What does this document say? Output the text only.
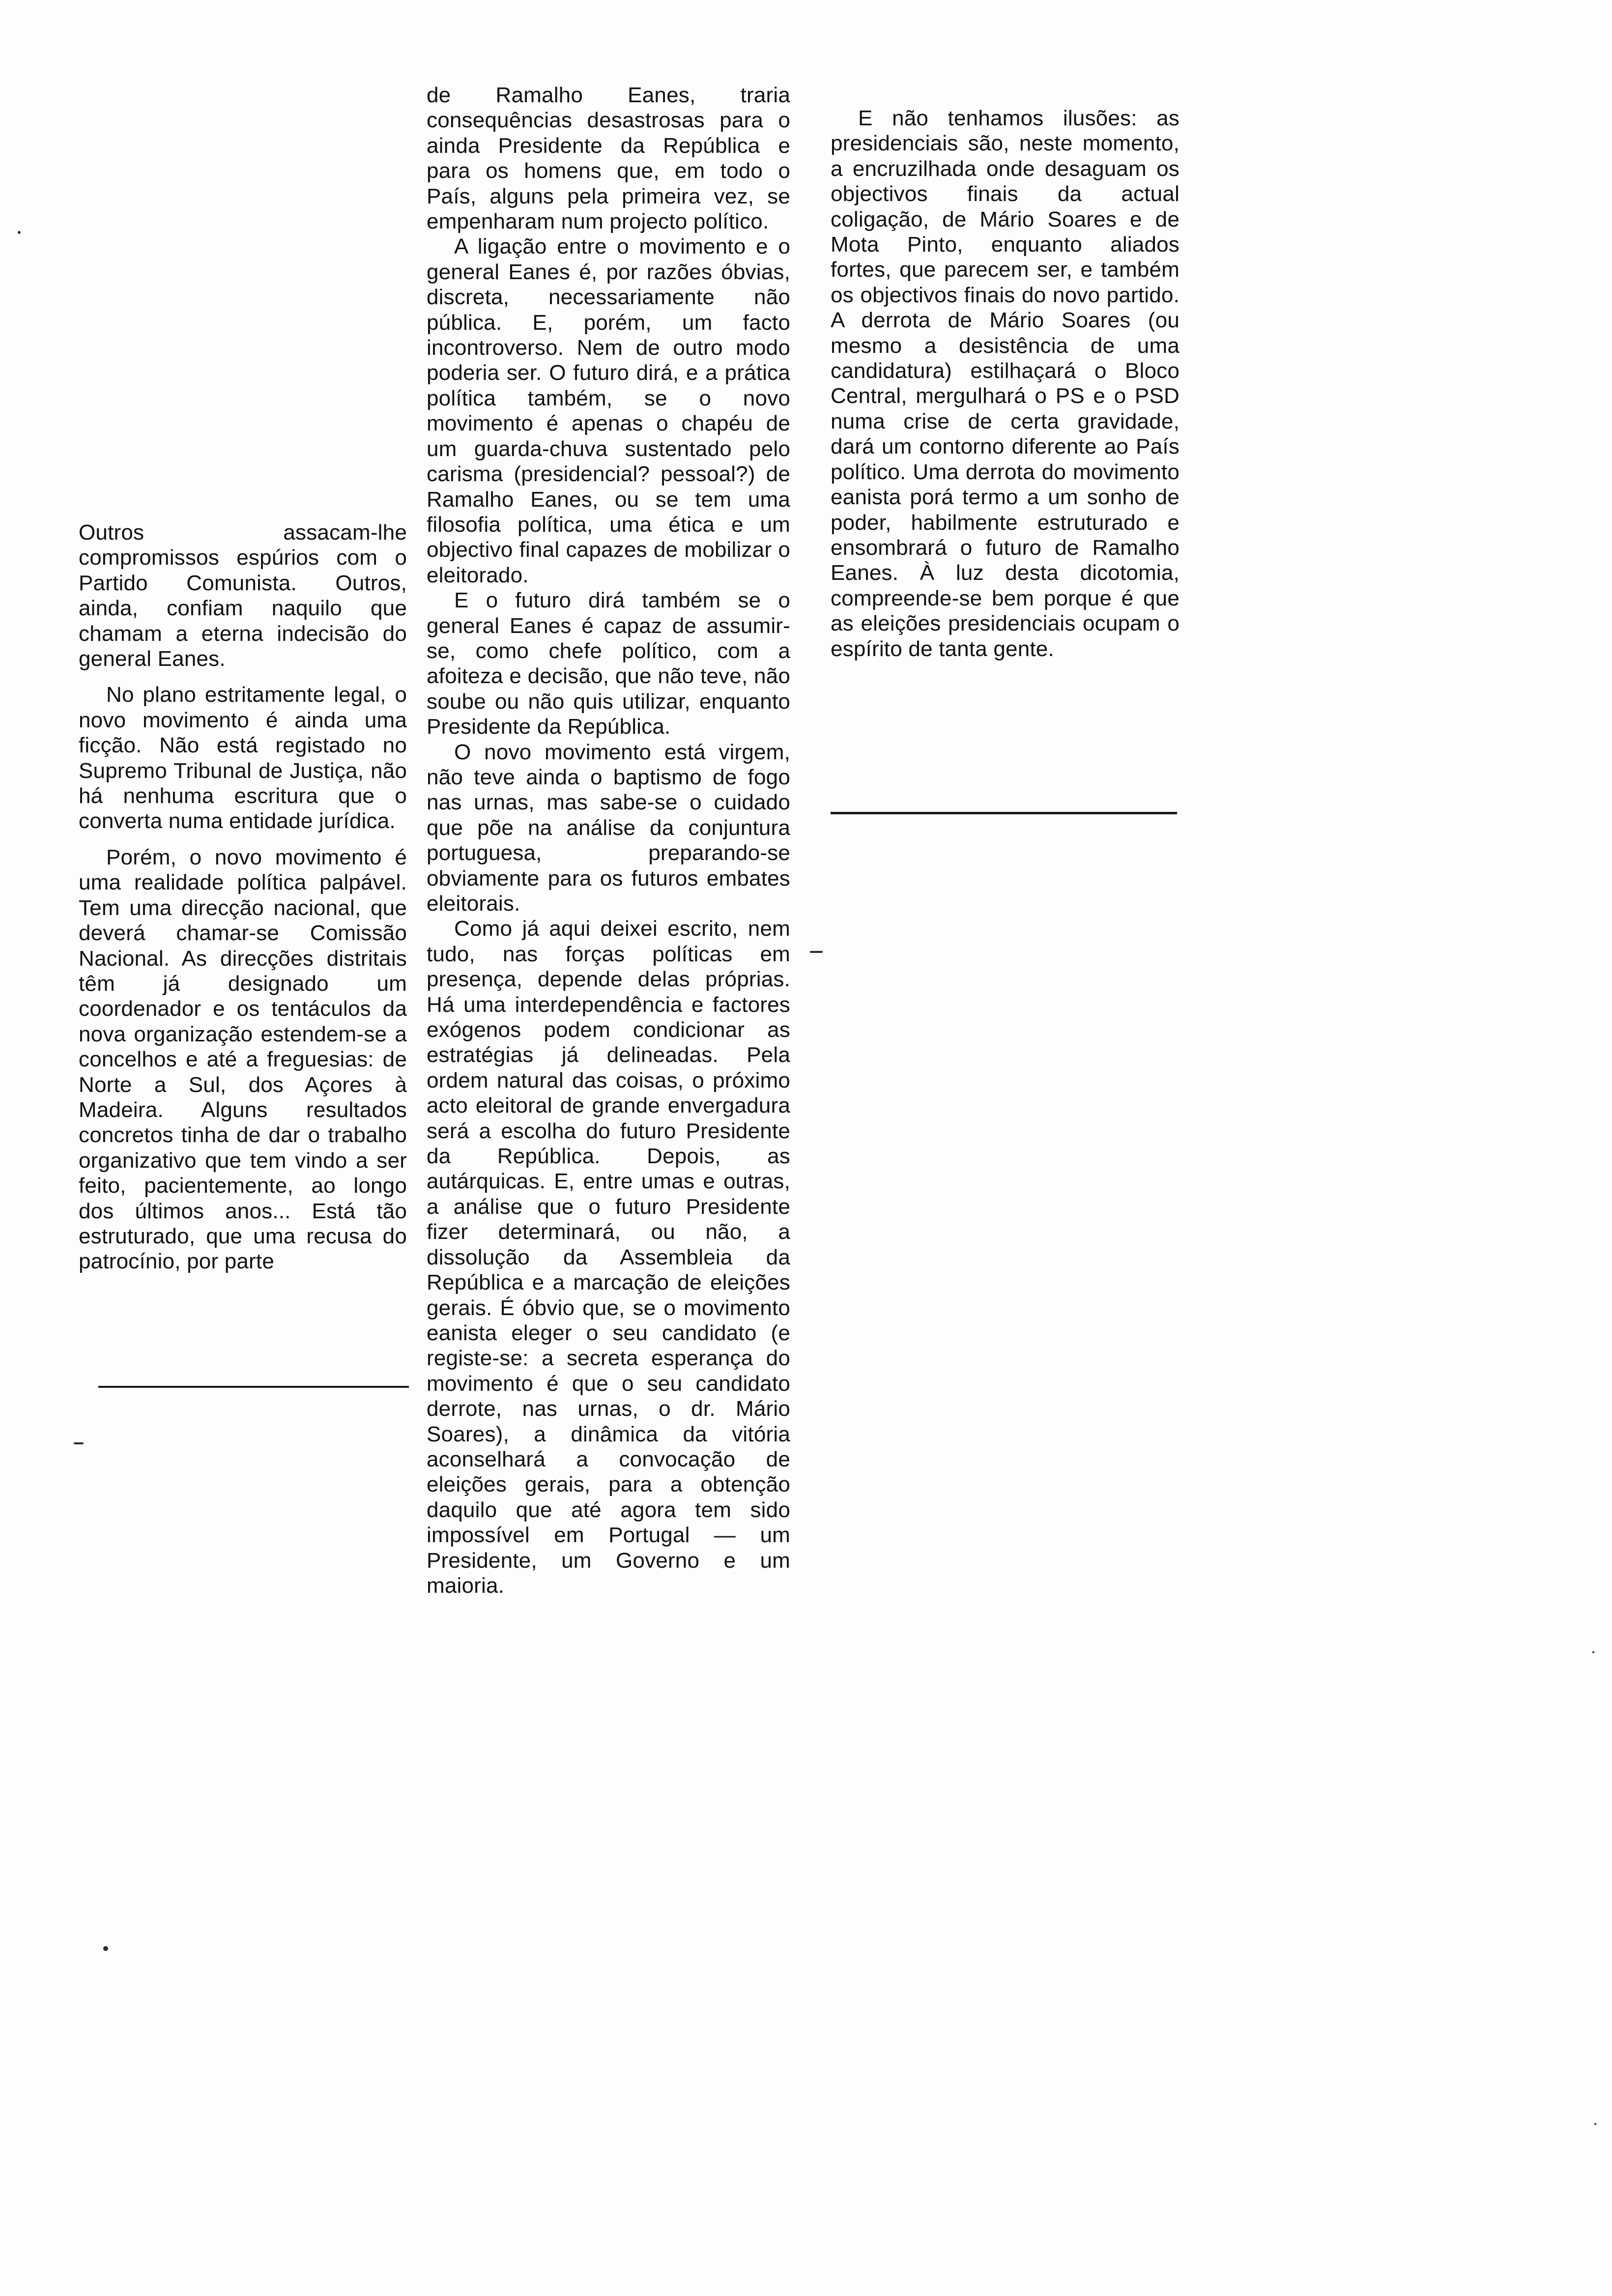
Outros assacam-lhe compromissos espúrios com o Partido Comunista. Outros, ainda, confiam naquilo que chamam a eterna indecisão do general Eanes.

No plano estritamente legal, o novo movimento é ainda uma ficção. Não está registado no Supremo Tribunal de Justiça, não há nenhuma escritura que o converta numa entidade jurídica.

Porém, o novo movimento é uma realidade política palpável. Tem uma direcção nacional, que deverá chamar-se Comissão Nacional. As direcções distritais têm já designado um coordenador e os tentáculos da nova organização estendem-se a concelhos e até a freguesias: de Norte a Sul, dos Açores à Madeira. Alguns resultados concretos tinha de dar o trabalho organizativo que tem vindo a ser feito, pacientemente, ao longo dos últimos anos... Está tão estruturado, que uma recusa do patrocínio, por parte

de Ramalho Eanes, traria consequências desastrosas para o ainda Presidente da República e para os homens que, em todo o País, alguns pela primeira vez, se empenharam num projecto político.

A ligação entre o movimento e o general Eanes é, por razões óbvias, discreta, necessariamente não pública. E, porém, um facto incontroverso. Nem de outro modo poderia ser. O futuro dirá, e a prática política também, se o novo movimento é apenas o chapéu de um guarda-chuva sustentado pelo carisma (presidencial? pessoal?) de Ramalho Eanes, ou se tem uma filosofia política, uma ética e um objectivo final capazes de mobilizar o eleitorado.

E o futuro dirá também se o general Eanes é capaz de assumir-se, como chefe político, com a afoiteza e decisão, que não teve, não soube ou não quis utilizar, enquanto Presidente da República.

O novo movimento está virgem, não teve ainda o baptismo de fogo nas urnas, mas sabe-se o cuidado que põe na análise da conjuntura portuguesa, preparando-se obviamente para os futuros embates eleitorais.

Como já aqui deixei escrito, nem tudo, nas forças políticas em presença, depende delas próprias. Há uma interdependência e factores exógenos podem condicionar as estratégias já delineadas. Pela ordem natural das coisas, o próximo acto eleitoral de grande envergadura será a escolha do futuro Presidente da República. Depois, as autárquicas. E, entre umas e outras, a análise que o futuro Presidente fizer determinará, ou não, a dissolução da Assembleia da República e a marcação de eleições gerais. É óbvio que, se o movimento eanista eleger o seu candidato (e registe-se: a secreta esperança do movimento é que o seu candidato derrote, nas urnas, o dr. Mário Soares), a dinâmica da vitória aconselhará a convocação de eleições gerais, para a obtenção daquilo que até agora tem sido impossível em Portugal — um Presidente, um Governo e um maioria.

E não tenhamos ilusões: as presidenciais são, neste momento, a encruzilhada onde desaguam os objectivos finais da actual coligação, de Mário Soares e de Mota Pinto, enquanto aliados fortes, que parecem ser, e também os objectivos finais do novo partido. A derrota de Mário Soares (ou mesmo a desistência de uma candidatura) estilhaçará o Bloco Central, mergulhará o PS e o PSD numa crise de certa gravidade, dará um contorno diferente ao País político. Uma derrota do movimento eanista porá termo a um sonho de poder, habilmente estruturado e ensombrará o futuro de Ramalho Eanes. À luz desta dicotomia, compreende-se bem porque é que as eleições presidenciais ocupam o espírito de tanta gente.
